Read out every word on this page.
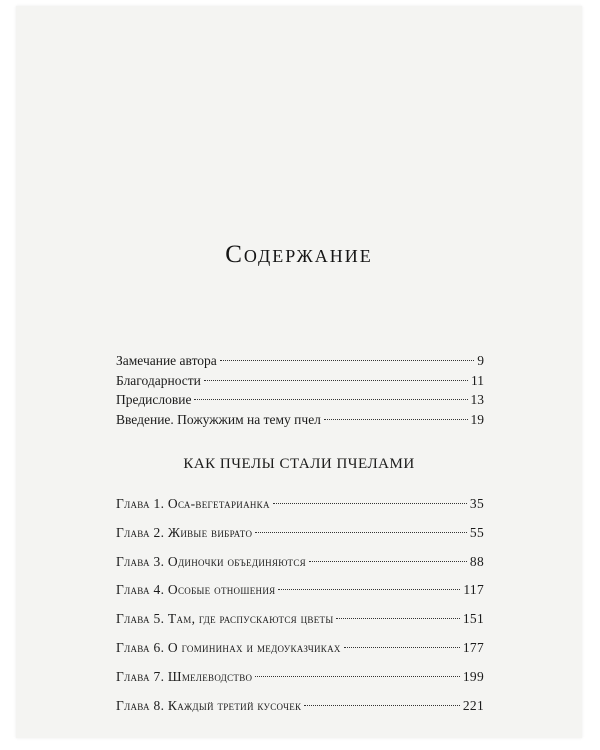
Содержание
Замечание автора	9
Благодарности	11
Предисловие	13
Введение. Пожужжим на тему пчел	19
КАК ПЧЕЛЫ СТАЛИ ПЧЕЛАМИ
Глава 1. Оса-вегетарианка	35
Глава 2. Живые вибрато	55
Глава 3. Одиночки объединяются	88
Глава 4. Особые отношения	117
Глава 5. Там, где распускаются цветы	151
Глава 6. О гомининах и медоуказчиках	177
Глава 7. Шмелеводство	199
Глава 8. Каждый третий кусочек	221
